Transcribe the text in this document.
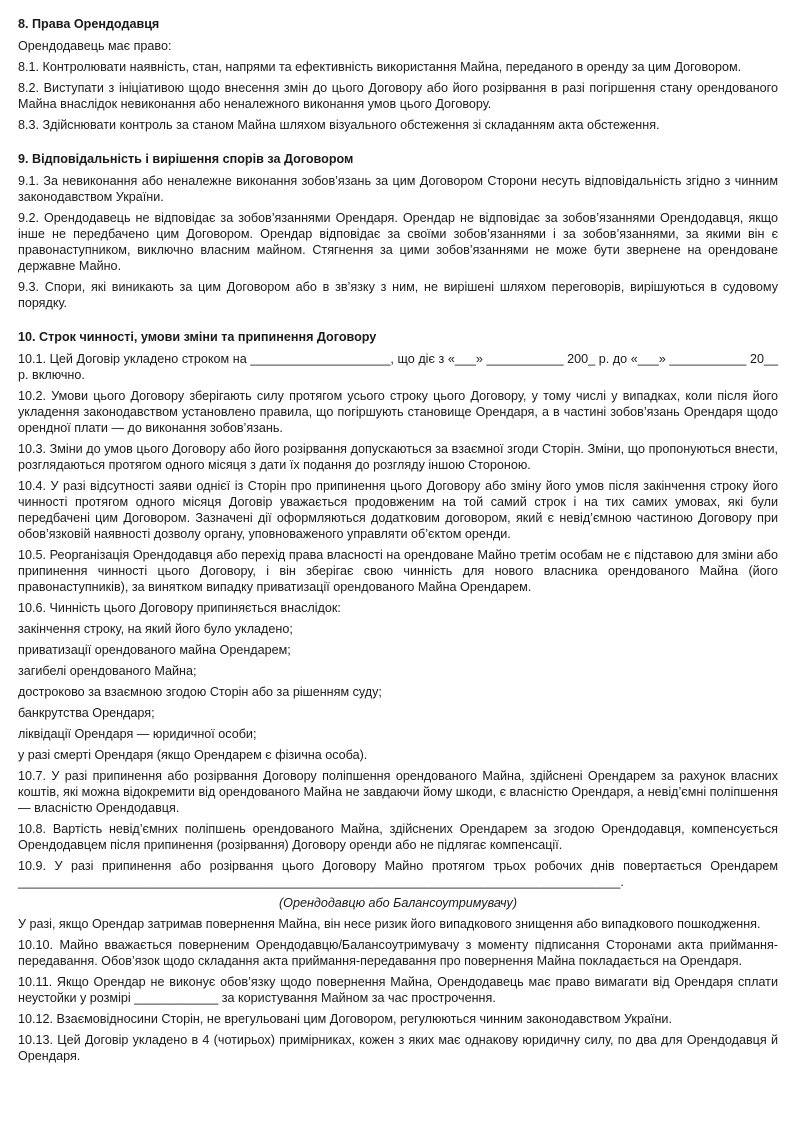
8. Права Орендодавця

Орендодавець має право:

8.1. Контролювати наявність, стан, напрями та ефективність використання Майна, переданого в оренду за цим Договором.

8.2. Виступати з ініціативою щодо внесення змін до цього Договору або його розірвання в разі погіршення стану орендованого Майна внаслідок невиконання або неналежного виконання умов цього Договору.

8.3. Здійснювати контроль за станом Майна шляхом візуального обстеження зі складанням акта обстеження.

9. Відповідальність і вирішення спорів за Договором

9.1. За невиконання або неналежне виконання зобов’язань за цим Договором Сторони несуть відповідальність згідно з чинним законодавством України.

9.2. Орендодавець не відповідає за зобов’язаннями Орендаря. Орендар не відповідає за зобов’язаннями Орендодавця, якщо інше не передбачено цим Договором. Орендар відповідає за своїми зобов’язаннями і за зобов’язаннями, за якими він є правонаступником, виключно власним майном. Стягнення за цими зобов’язаннями не може бути звернене на орендоване державне Майно.

9.3. Спори, які виникають за цим Договором або в зв’язку з ним, не вирішені шляхом переговорів, вирішуються в судовому порядку.

10. Строк чинності, умови зміни та припинення Договору

10.1. Цей Договір укладено строком на ____________________, що діє з «___» ___________ 200_ р. до «___» ___________ 20__ р. включно.

10.2. Умови цього Договору зберігають силу протягом усього строку цього Договору, у тому числі у випадках, коли після його укладення законодавством установлено правила, що погіршують становище Орендаря, а в частині зобов’язань Орендаря щодо орендної плати — до виконання зобов’язань.

10.3. Зміни до умов цього Договору або його розірвання допускаються за взаємної згоди Сторін. Зміни, що пропонуються внести, розглядаються протягом одного місяця з дати їх подання до розгляду іншою Стороною.

10.4. У разі відсутності заяви однієї із Сторін про припинення цього Договору або зміну його умов після закінчення строку його чинності протягом одного місяця Договір уважається продовженим на той самий строк і на тих самих умовах, які були передбачені цим Договором. Зазначені дії оформляються додатковим договором, який є невід’ємною частиною Договору при обов’язковій наявності дозволу органу, уповноваженого управляти об’єктом оренди.

10.5. Реорганізація Орендодавця або перехід права власності на орендоване Майно третім особам не є підставою для зміни або припинення чинності цього Договору, і він зберігає свою чинність для нового власника орендованого Майна (його правонаступників), за винятком випадку приватизації орендованого Майна Орендарем.

10.6. Чинність цього Договору припиняється внаслідок:

закінчення строку, на який його було укладено;

приватизації орендованого майна Орендарем;

загибелі орендованого Майна;

достроково за взаємною згодою Сторін або за рішенням суду;

банкрутства Орендаря;

ліквідації Орендаря — юридичної особи;

у разі смерті Орендаря (якщо Орендарем є фізична особа).

10.7. У разі припинення або розірвання Договору поліпшення орендованого Майна, здійснені Орендарем за рахунок власних коштів, які можна відокремити від орендованого Майна не завдаючи йому шкоди, є власністю Орендаря, а невід’ємні поліпшення — власністю Орендодавця.

10.8. Вартість невід’ємних поліпшень орендованого Майна, здійснених Орендарем за згодою Орендодавця, компенсується Орендодавцем після припинення (розірвання) Договору оренди або не підлягає компенсації.

10.9. У разі припинення або розірвання цього Договору Майно протягом трьох робочих днів повертається Орендарем ______________________________________________________________________________________.

(Орендодавцю або Балансоутримувачу)

У разі, якщо Орендар затримав повернення Майна, він несе ризик його випадкового знищення або випадкового пошкодження.

10.10. Майно вважається поверненим Орендодавцю/Балансоутримувачу з моменту підписання Сторонами акта приймання-передавання. Обов’язок щодо складання акта приймання-передавання про повернення Майна покладається на Орендаря.

10.11. Якщо Орендар не виконує обов’язку щодо повернення Майна, Орендодавець має право вимагати від Орендаря сплати неустойки у розмірі ____________ за користування Майном за час прострочення.

10.12. Взаємовідносини Сторін, не врегульовані цим Договором, регулюються чинним законодавством України.

10.13. Цей Договір укладено в 4 (чотирьох) примірниках, кожен з яких має однакову юридичну силу, по два для Орендодавця й Орендаря.
